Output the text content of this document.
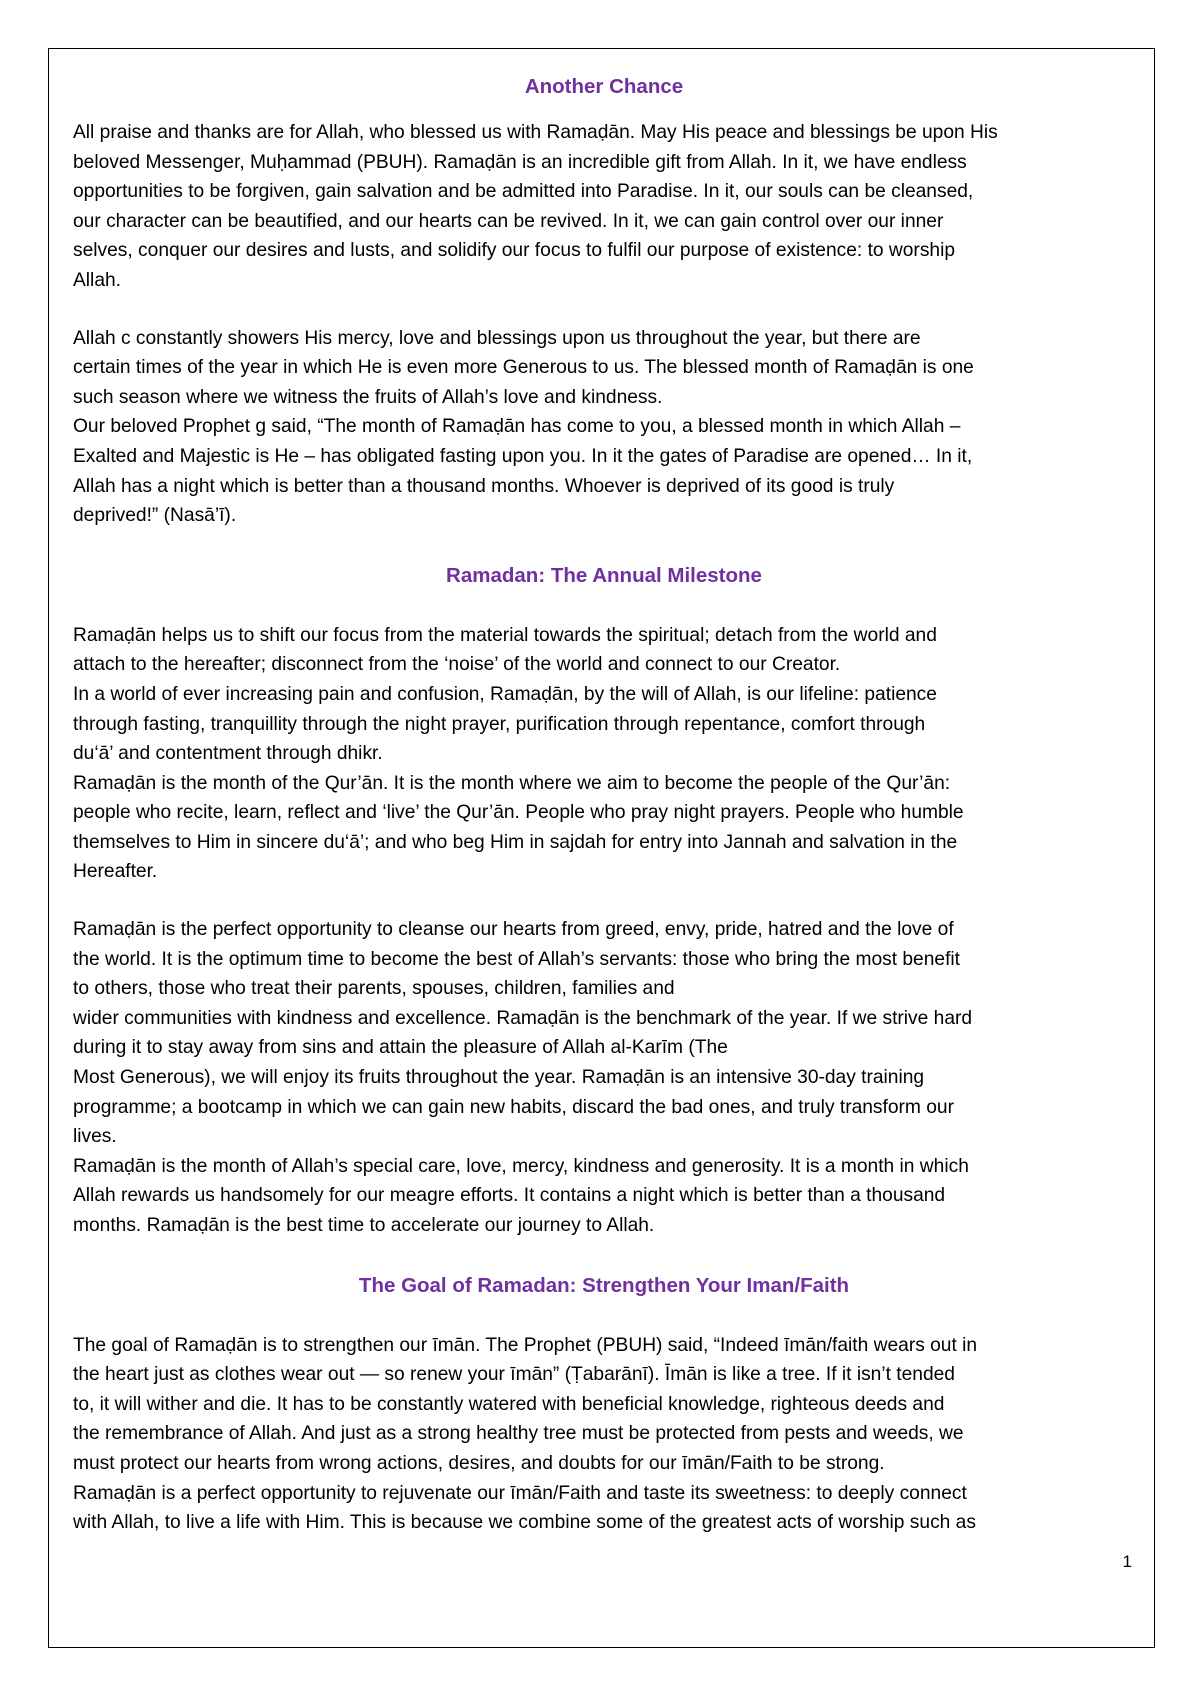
Another Chance
All praise and thanks are for Allah, who blessed us with Ramaḍān. May His peace and blessings be upon His
beloved Messenger, Muḥammad (PBUH). Ramaḍān is an incredible gift from Allah. In it, we have endless
opportunities to be forgiven, gain salvation and be admitted into Paradise. In it, our souls can be cleansed,
our character can be beautified, and our hearts can be revived. In it, we can gain control over our inner
selves, conquer our desires and lusts, and solidify our focus to fulfil our purpose of existence: to worship
Allah.
Allah c constantly showers His mercy, love and blessings upon us throughout the year, but there are
certain times of the year in which He is even more Generous to us. The blessed month of Ramaḍān is one
such season where we witness the fruits of Allah’s love and kindness.
Our beloved Prophet g said, “The month of Ramaḍān has come to you, a blessed month in which Allah –
Exalted and Majestic is He – has obligated fasting upon you. In it the gates of Paradise are opened… In it,
Allah has a night which is better than a thousand months. Whoever is deprived of its good is truly
deprived!” (Nasā’ī).
Ramadan: The Annual Milestone
Ramaḍān helps us to shift our focus from the material towards the spiritual; detach from the world and
attach to the hereafter; disconnect from the ‘noise’ of the world and connect to our Creator.
In a world of ever increasing pain and confusion, Ramaḍān, by the will of Allah, is our lifeline: patience
through fasting, tranquillity through the night prayer, purification through repentance, comfort through
du‘ā’ and contentment through dhikr.
Ramaḍān is the month of the Qur’ān. It is the month where we aim to become the people of the Qur’ān:
people who recite, learn, reflect and ‘live’ the Qur’ān. People who pray night prayers. People who humble
themselves to Him in sincere du‘ā’; and who beg Him in sajdah for entry into Jannah and salvation in the
Hereafter.
Ramaḍān is the perfect opportunity to cleanse our hearts from greed, envy, pride, hatred and the love of
the world. It is the optimum time to become the best of Allah’s servants: those who bring the most benefit
to others, those who treat their parents, spouses, children, families and
wider communities with kindness and excellence. Ramaḍān is the benchmark of the year. If we strive hard
during it to stay away from sins and attain the pleasure of Allah al-Karīm (The
Most Generous), we will enjoy its fruits throughout the year. Ramaḍān is an intensive 30-day training
programme; a bootcamp in which we can gain new habits, discard the bad ones, and truly transform our
lives.
Ramaḍān is the month of Allah’s special care, love, mercy, kindness and generosity. It is a month in which
Allah rewards us handsomely for our meagre efforts. It contains a night which is better than a thousand
months. Ramaḍān is the best time to accelerate our journey to Allah.
The Goal of Ramadan: Strengthen Your Iman/Faith
The goal of Ramaḍān is to strengthen our īmān. The Prophet (PBUH) said, “Indeed īmān/faith wears out in
the heart just as clothes wear out — so renew your īmān” (Ṭabarānī). Īmān is like a tree. If it isn’t tended
to, it will wither and die. It has to be constantly watered with beneficial knowledge, righteous deeds and
the remembrance of Allah. And just as a strong healthy tree must be protected from pests and weeds, we
must protect our hearts from wrong actions, desires, and doubts for our īmān/Faith to be strong.
Ramaḍān is a perfect opportunity to rejuvenate our īmān/Faith and taste its sweetness: to deeply connect
with Allah, to live a life with Him. This is because we combine some of the greatest acts of worship such as
1
